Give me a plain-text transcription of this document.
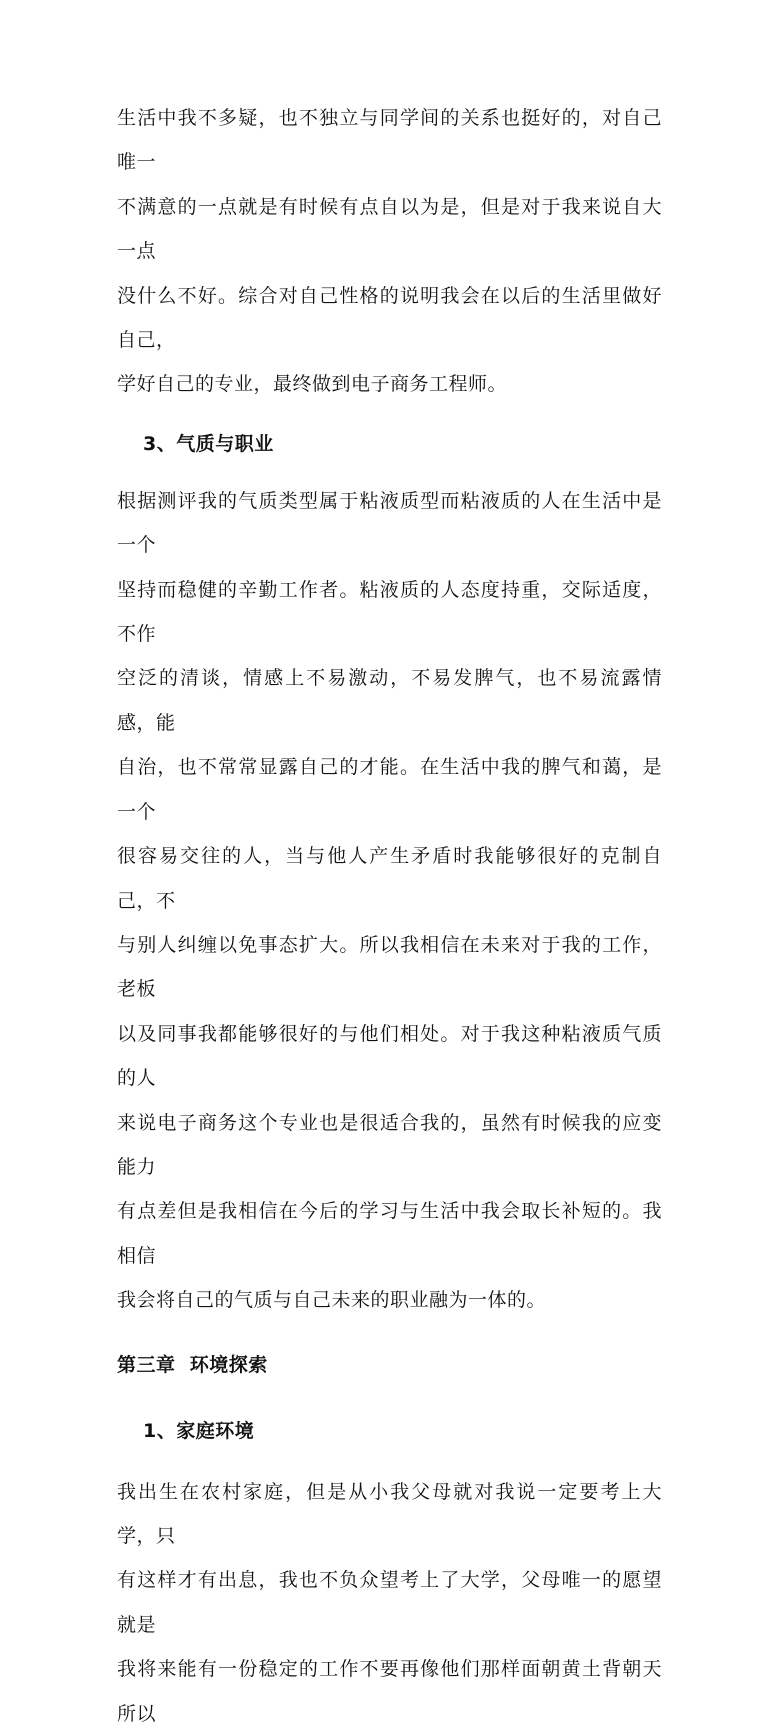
生活中我不多疑，也不独立与同学间的关系也挺好的，对自己唯一
不满意的一点就是有时候有点自以为是，但是对于我来说自大一点
没什么不好。综合对自己性格的说明我会在以后的生活里做好自己，
学好自己的专业，最终做到电子商务工程师。

3、气质与职业

根据测评我的气质类型属于粘液质型而粘液质的人在生活中是一个
坚持而稳健的辛勤工作者。粘液质的人态度持重，交际适度，不作
空泛的清谈，情感上不易激动，不易发脾气，也不易流露情感，能
自治，也不常常显露自己的才能。在生活中我的脾气和蔼，是一个
很容易交往的人，当与他人产生矛盾时我能够很好的克制自己，不
与别人纠缠以免事态扩大。所以我相信在未来对于我的工作，老板
以及同事我都能够很好的与他们相处。对于我这种粘液质气质的人
来说电子商务这个专业也是很适合我的，虽然有时候我的应变能力
有点差但是我相信在今后的学习与生活中我会取长补短的。我相信
我会将自己的气质与自己未来的职业融为一体的。

第三章  环境探索
1、家庭环境

我出生在农村家庭，但是从小我父母就对我说一定要考上大学，只
有这样才有出息，我也不负众望考上了大学，父母唯一的愿望就是
我将来能有一份稳定的工作不要再像他们那样面朝黄土背朝天所以
